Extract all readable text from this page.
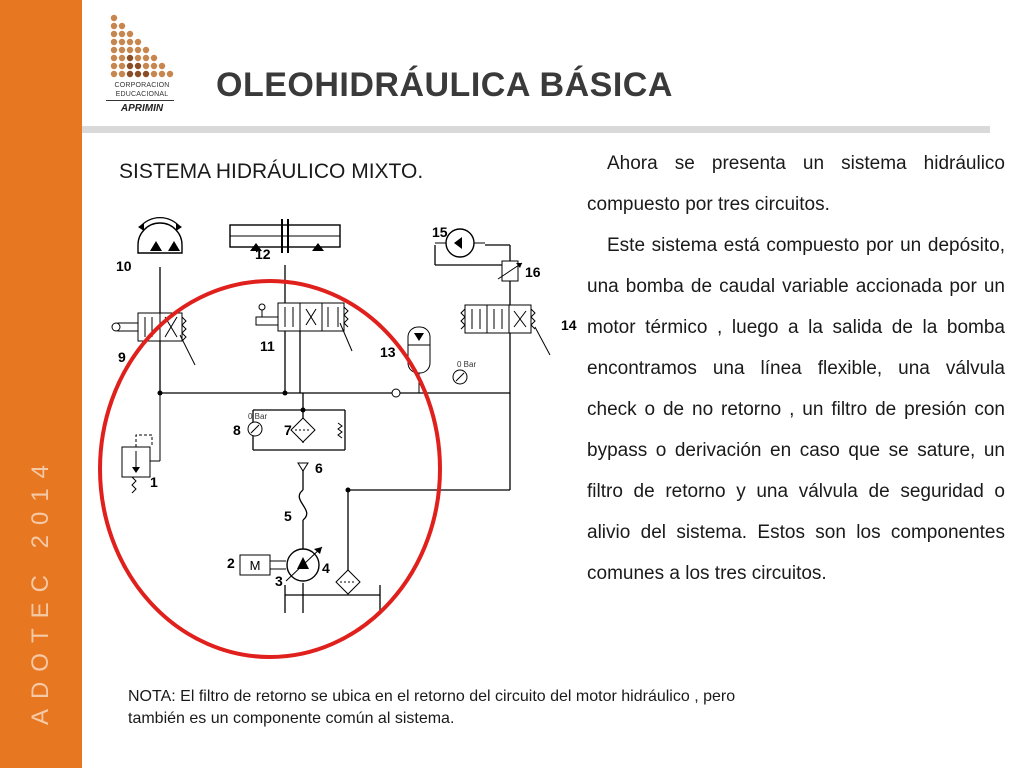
ADOTEC 2014
CORPORACION
EDUCACIONAL
APRIMIN
OLEOHIDRÁULICA BÁSICA
SISTEMA HIDRÁULICO MIXTO.
M
1
2
3
4
5
6
7
8
9
10
11
12
13
14
15
16
0 Bar
0 Bar

Ahora se presenta un sistema hidráulico compuesto por tres circuitos.

Este sistema está compuesto por un depósito, una bomba de caudal variable accionada por un motor térmico , luego a la salida de la bomba encontramos una línea flexible, una válvula check o de no retorno , un filtro de presión con bypass o derivación en caso que se sature, un filtro de retorno y una válvula de seguridad o alivio del sistema. Estos son los componentes comunes a los tres circuitos.

NOTA: El filtro de retorno se ubica en el retorno del circuito del motor hidráulico , pero también es un componente común al sistema.
